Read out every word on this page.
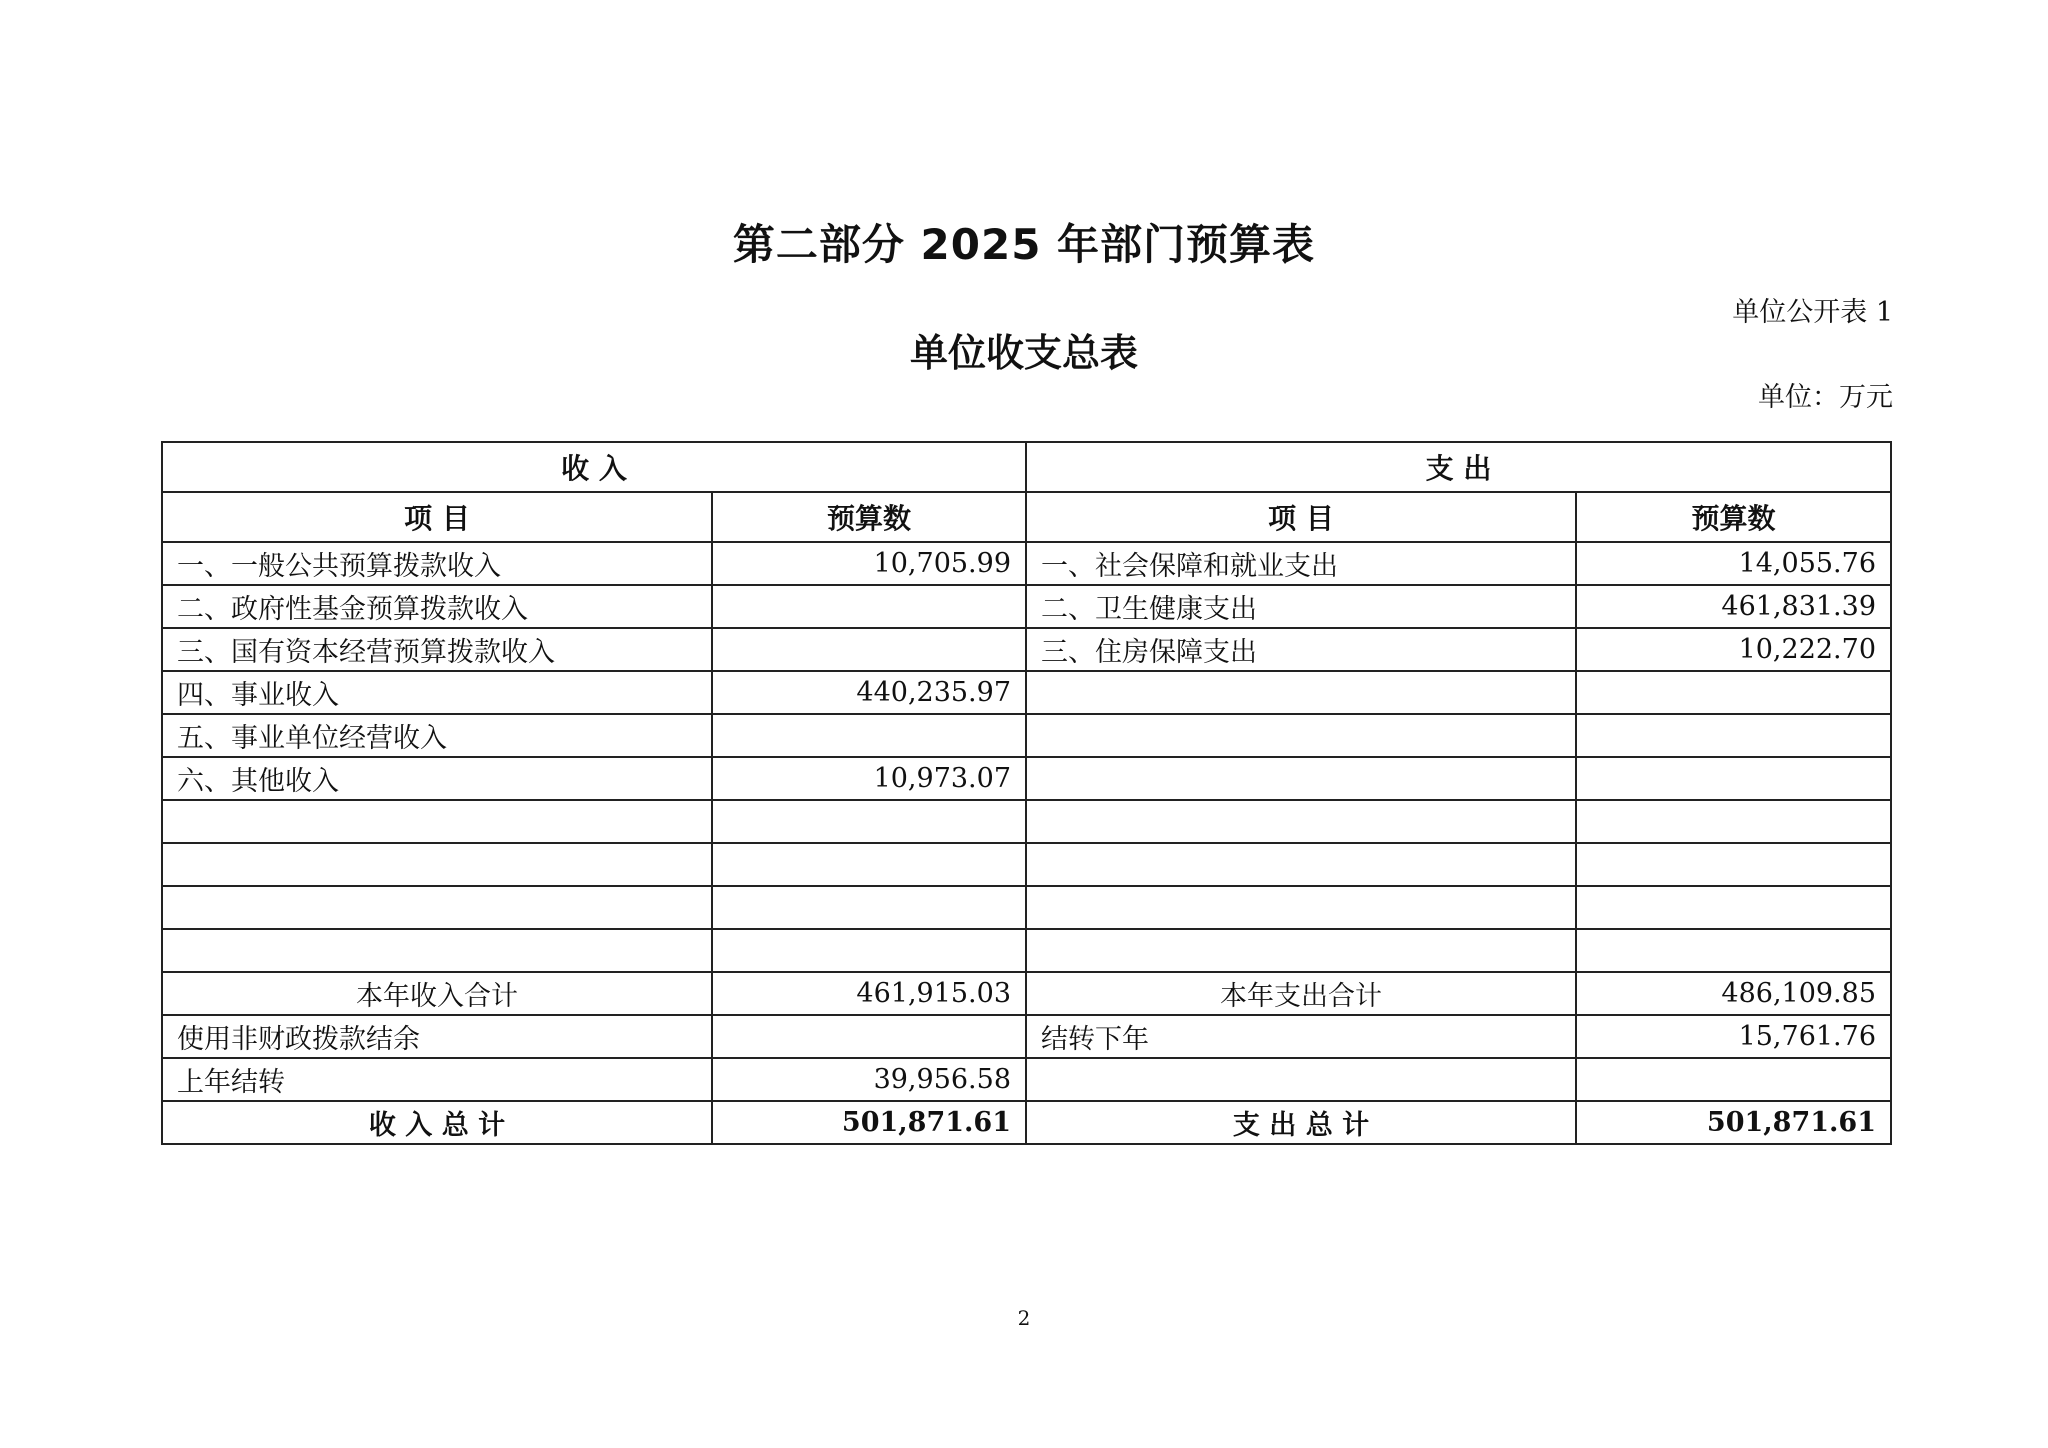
第二部分 2025 年部门预算表
单位公开表 1
单位收支总表
单位：万元
收 入		支 出	
项 目	预算数	项 目	预算数
一、一般公共预算拨款收入	10,705.99	一、社会保障和就业支出	14,055.76
二、政府性基金预算拨款收入		二、卫生健康支出	461,831.39
三、国有资本经营预算拨款收入		三、住房保障支出	10,222.70
四、事业收入	440,235.97		
五、事业单位经营收入			
六、其他收入	10,973.07		

本年收入合计	461,915.03	本年支出合计	486,109.85
使用非财政拨款结余		结转下年	15,761.76
上年结转	39,956.58		
收 入 总 计	501,871.61	支 出 总 计	501,871.61
2
